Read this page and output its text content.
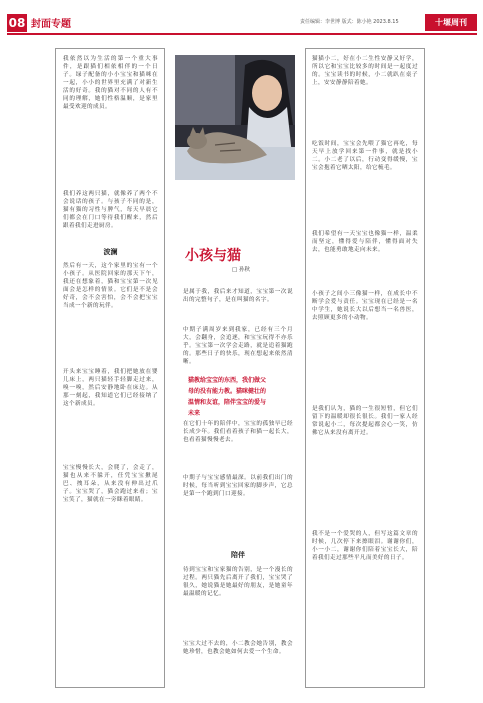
08 封面专题	责任编辑：李世博 版式：陈小艳 2023.8.15	十堰周刊
小孩与猫
□ 孙秋
猫教给宝宝的东西，我们做父母的没有能力教。猫咪健壮的温情和友谊，陪伴宝宝的爱与未来
我依然以为生活的第一个重大事件，是跟猫们相依相伴的一个日子。绿子配备的小小宝宝和猫咪在一起，小小的世界里充满了对新生活的好奇。我的猫对不同的人有不同的理解，她们性格温顺，是家里最受欢迎的成员。
我们养这两只猫，就像养了两个不会说话的孩子。与孩子不同的是，猫有猫的习性与脾气，每天早晨它们都会在门口等待我们醒来，然后跟着我们走进厨房。
波澜
然后有一天，这个家里的宝有一个小孩子。从医院回家的那天下午，我还在想象着，猫和宝宝第一次见面会是怎样的情景。它们是不是会好奇，会不会害怕，会不会把宝宝当成一个新的玩伴。
开头来宝宝睡着，我们把她放在婴儿床上，两只猫轻手轻脚走过来，嗅一嗅，然后安静地卧在床边。从那一刻起，我知道它们已经接纳了这个新成员。
宝宝慢慢长大，会爬了，会走了，猫也从来不躲开，任凭宝宝揪尾巴、拽耳朵，从来没有伸出过爪子。宝宝哭了，猫会跑过来看；宝宝笑了，猫就在一旁眯着眼睛。
是属于我，我后来才知道，宝宝第一次说出的完整句子，是在叫猫的名字。
中期子满周岁来到我家，已经有三个月大，会翻身，会追逐，和宝宝玩得不亦乐乎。宝宝第一次学会走路，就是追着猫跑的。那些日子的快乐，现在想起来依然清晰。
在它们十年的陪伴中，宝宝的孤独早已经长成少年。我们看着孩子和猫一起长大，也看着猫慢慢老去。
中期子与宝宝感情最深。以前我们出门的时候，每当听到宝宝回家的脚步声，它总是第一个跑到门口迎接。
陪伴
待到宝宝和宝家猫的告别，是一个漫长的过程。两只猫先后离开了我们，宝宝哭了很久，她说猫是她最好的朋友，是她童年最温暖的记忆。
宝宝大过不去的，小二教会她告别，教会她珍惜，也教会她如何去爱一个生命。
猫猫小二，好在小二生性安静又好学，所以它和宝宝比较多的时间是一起度过的。宝宝读书的时候，小二就趴在桌子上，安安静静陪着她。
吃饭时间，宝宝会先喂了猫它再吃，每天早上放学回来第一件事，就是找小二。小二老了以后，行动变得缓慢，宝宝会抱着它晒太阳，给它梳毛。
我们希望有一天宝宝也像猫一样，温柔而坚定，懂得爱与陪伴，懂得面对失去，也能勇敢地走向未来。
小孩子之间小三像猫一样，在成长中不断学会爱与责任。宝宝现在已经是一名中学生，她说长大以后想当一名兽医，去照顾更多的小动物。
是我们认为，猫的一生很短暂，但它们留下的温暖却很长很长。我们一家人经常说起小二，每次提起都会心一笑，仿佛它从来没有离开过。
我不是一个爱哭的人，但写这篇文章的时候，几次停下来擦眼泪。谢谢你们，小一小二，谢谢你们陪着宝宝长大，陪着我们走过那些平凡而美好的日子。
